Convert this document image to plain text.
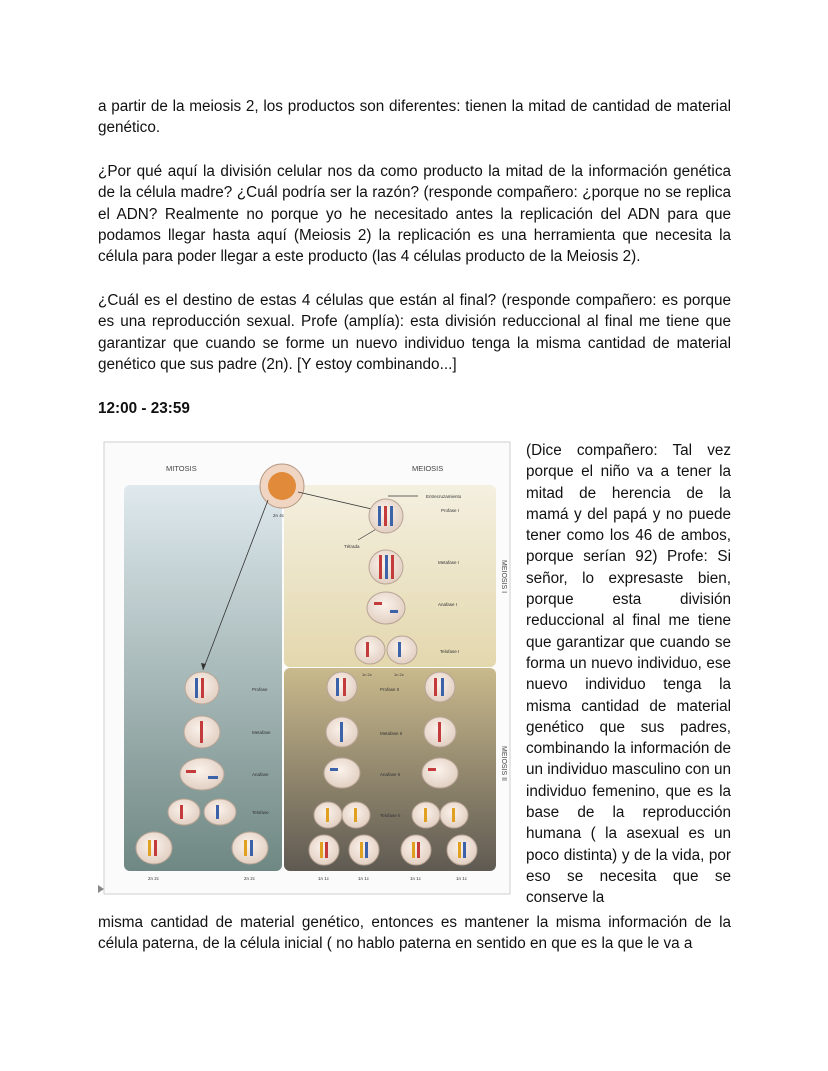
a partir de la meiosis 2, los productos son diferentes: tienen la mitad de cantidad de material genético.

¿Por qué aquí la división celular nos da como producto la mitad de la información genética de la célula madre? ¿Cuál podría ser la razón? (responde compañero: ¿porque no se replica el ADN? Realmente no porque yo he necesitado antes la replicación del ADN para que podamos llegar hasta aquí (Meiosis 2) la replicación es una herramienta que necesita la célula para poder llegar a este producto (las 4 células producto de la Meiosis 2).

¿Cuál es el destino de estas 4 células que están al final? (responde compañero: es porque es una reproducción sexual. Profe (amplía): esta división reduccional al final me tiene que garantizar que cuando se forme un nuevo individuo tenga la misma cantidad de material genético que sus padre (2n). [Y estoy combinando...]

12:00 - 23:59
MITOSIS	MEIOSIS
MEIOSIS I
MEIOSIS II
2n 4c
Entrecruzamiento
Tétrada
Profase I
Metafase I
Anafase I
Telofase I
1n 2c	1n 2c
Profase II
Metafase II
Anafase II
Telofase II
Profase
Metafase
Anafase
Telofase
2n 2c	2n 2c	1n 1c	1n 1c	1n 1c	1n 1c

(Dice compañero: Tal vez porque el niño va a tener la mitad de herencia de la mamá y del papá y no puede tener como los 46 de ambos, porque serían 92) Profe: Si señor, lo expresaste bien, porque esta división reduccional al final me tiene que garantizar que cuando se forma un nuevo individuo, ese nuevo individuo tenga la misma cantidad de material genético que sus padres, combinando la información de un individuo masculino con un individuo femenino, que es la base de la reproducción humana ( la asexual es un poco distinta) y de la vida, por eso se necesita que se conserve la

misma cantidad de material genético, entonces es mantener la misma información de la célula paterna, de la célula inicial ( no hablo paterna en sentido en que es la que le va a
